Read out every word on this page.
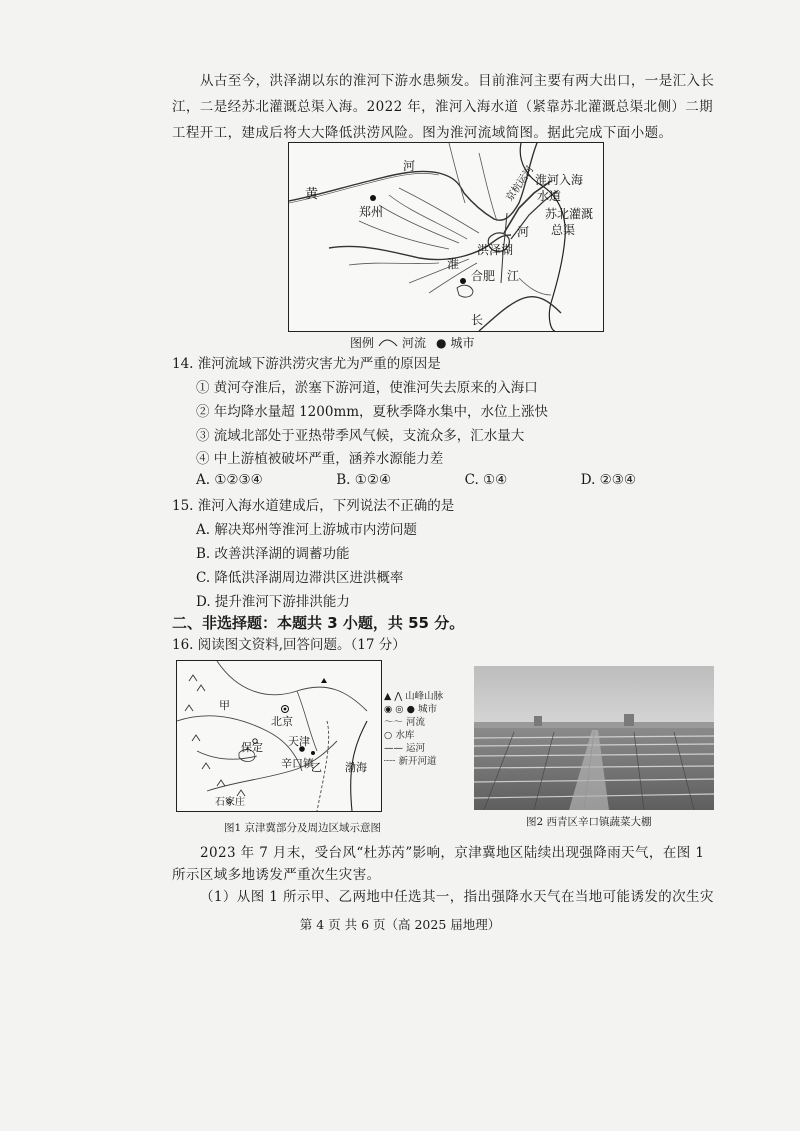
从古至今，洪泽湖以东的淮河下游水患频发。目前淮河主要有两大出口，一是汇入长
江，二是经苏北灌溉总渠入海。2022 年，淮河入海水道（紧靠苏北灌溉总渠北侧）二期
工程开工，建成后将大大降低洪涝风险。图为淮河流域简图。据此完成下面小题。
河
黄
郑州
淮河入海
水道
苏北灌溉
总渠
京杭运河
河
洪泽湖
淮
合肥 江
长
图例 河流 ● 城市
14. 淮河流域下游洪涝灾害尤为严重的原因是
① 黄河夺淮后，淤塞下游河道，使淮河失去原来的入海口
② 年均降水量超 1200mm，夏秋季降水集中，水位上涨快
③ 流域北部处于亚热带季风气候，支流众多，汇水量大
④ 中上游植被破坏严重，涵养水源能力差
A. ①②③④	B. ①②④	C. ①④	D. ②③④
15. 淮河入海水道建成后，下列说法不正确的是
A. 解决郑州等淮河上游城市内涝问题
B. 改善洪泽湖的调蓄功能
C. 降低洪泽湖周边滞洪区进洪概率
D. 提升淮河下游排洪能力
二、非选择题：本题共 3 小题，共 55 分。
16. 阅读图文资料,回答问题。（17 分）
甲
北京
保定 天津
辛口镇
乙 渤海
石家庄
▲ ⋀ 山峰山脉
◉ ◎ ● 城市
～～ 河流
○ 水库
—— 运河
┈┈ 新开河道
图1 京津冀部分及周边区域示意图	图2 西青区辛口镇蔬菜大棚
2023 年 7 月末，受台风“杜苏芮”影响，京津冀地区陆续出现强降雨天气，在图 1
所示区域多地诱发严重次生灾害。
（1）从图 1 所示甲、乙两地中任选其一，指出强降水天气在当地可能诱发的次生灾
第 4 页 共 6 页（高 2025 届地理）
